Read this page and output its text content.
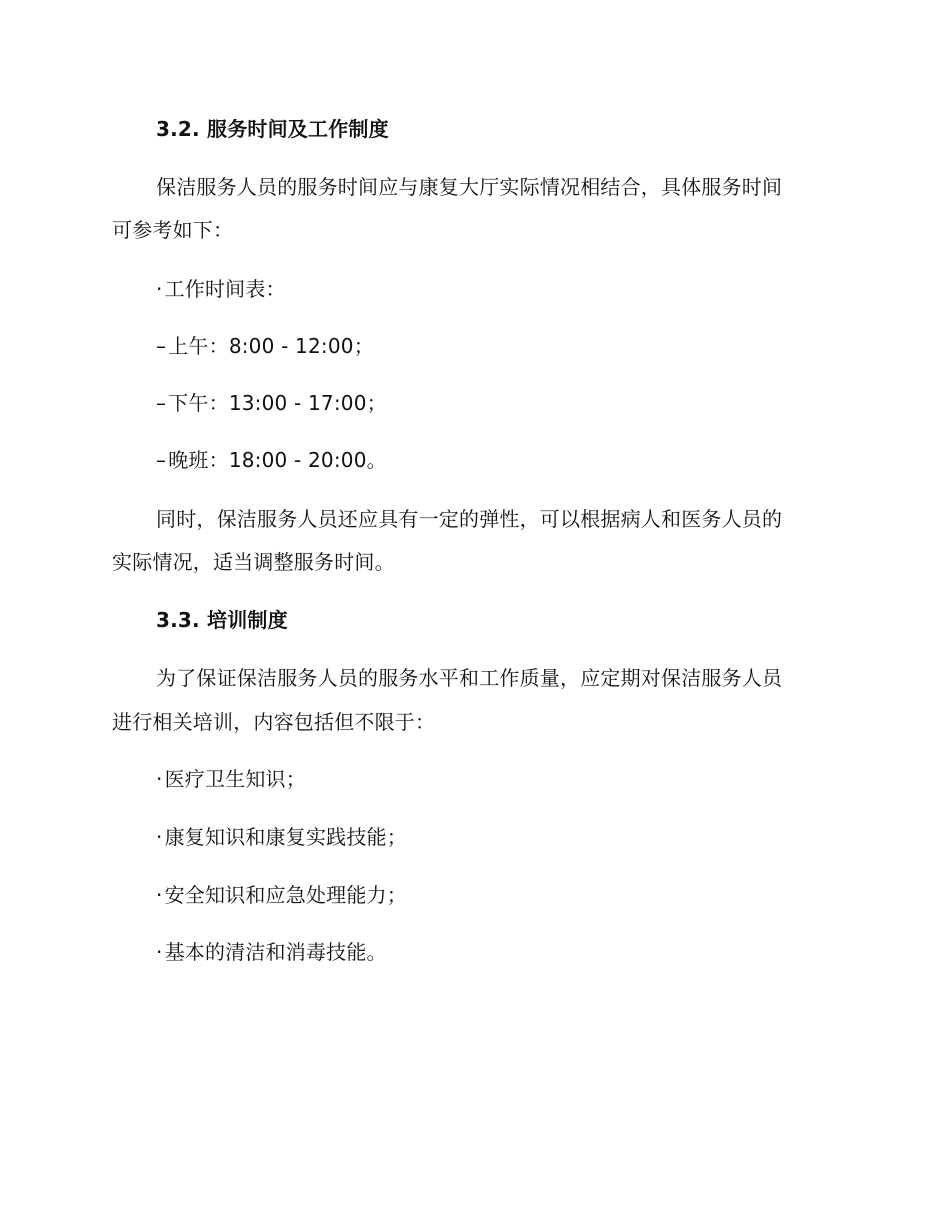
3.2. 服务时间及工作制度
保洁服务人员的服务时间应与康复大厅实际情况相结合，具体服务时间
可参考如下：
· 工作时间表：
– 上午：8:00 - 12:00；
– 下午：13:00 - 17:00；
– 晚班：18:00 - 20:00。
同时，保洁服务人员还应具有一定的弹性，可以根据病人和医务人员的
实际情况，适当调整服务时间。
3.3. 培训制度
为了保证保洁服务人员的服务水平和工作质量，应定期对保洁服务人员
进行相关培训，内容包括但不限于：
· 医疗卫生知识；
· 康复知识和康复实践技能；
· 安全知识和应急处理能力；
· 基本的清洁和消毒技能。
